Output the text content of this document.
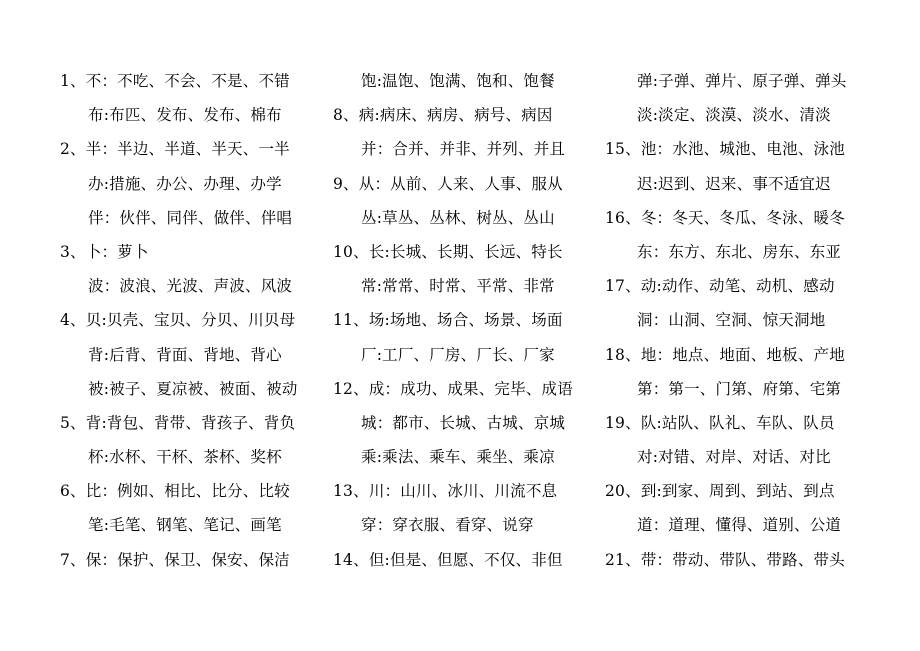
1、不：不吃、不会、不是、不错
布:布匹、发布、发布、棉布
2、半：半边、半道、半天、一半
办:措施、办公、办理、办学
伴：伙伴、同伴、做伴、伴唱
3、卜：萝卜
波：波浪、光波、声波、风波
4、贝:贝壳、宝贝、分贝、川贝母
背:后背、背面、背地、背心
被:被子、夏凉被、被面、被动
5、背:背包、背带、背孩子、背负
杯:水杯、干杯、茶杯、奖杯
6、比：例如、相比、比分、比较
笔:毛笔、钢笔、笔记、画笔
7、保：保护、保卫、保安、保洁
饱:温饱、饱满、饱和、饱餐
8、病:病床、病房、病号、病因
并：合并、并非、并列、并且
9、从：从前、人来、人事、服从
丛:草丛、丛林、树丛、丛山
10、长:长城、长期、长远、特长
常:常常、时常、平常、非常
11、场:场地、场合、场景、场面
厂:工厂、厂房、厂长、厂家
12、成：成功、成果、完毕、成语
城：都市、长城、古城、京城
乘:乘法、乘车、乘坐、乘凉
13、川：山川、冰川、川流不息
穿：穿衣服、看穿、说穿
14、但:但是、但愿、不仅、非但
弹:子弹、弹片、原子弹、弹头
淡:淡定、淡漠、淡水、清淡
15、池：水池、城池、电池、泳池
迟:迟到、迟来、事不适宜迟
16、冬：冬天、冬瓜、冬泳、暖冬
东：东方、东北、房东、东亚
17、动:动作、动笔、动机、感动
洞：山洞、空洞、惊天洞地
18、地：地点、地面、地板、产地
第：第一、门第、府第、宅第
19、队:站队、队礼、车队、队员
对:对错、对岸、对话、对比
20、到:到家、周到、到站、到点
道：道理、懂得、道别、公道
21、带：带动、带队、带路、带头
